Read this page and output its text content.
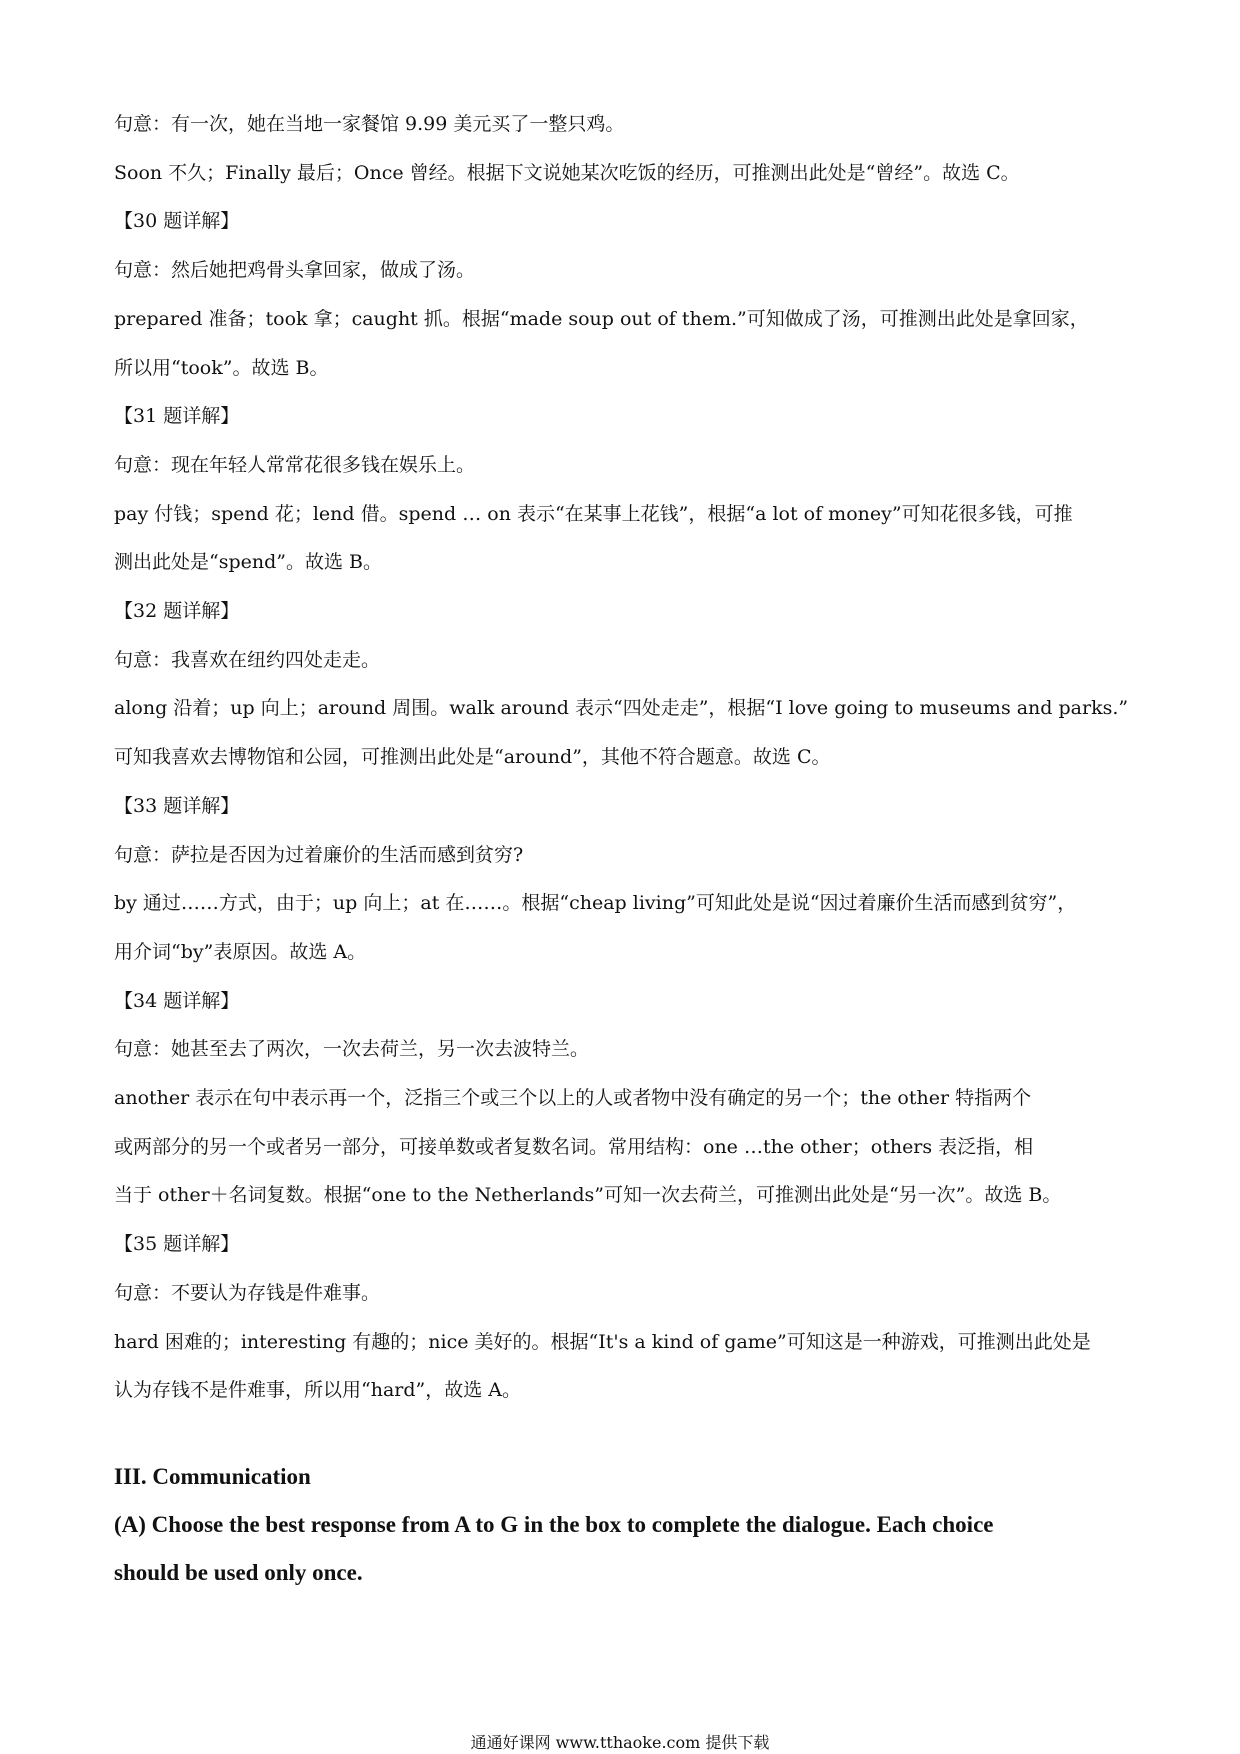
句意：有一次，她在当地一家餐馆 9.99 美元买了一整只鸡。

Soon 不久；Finally 最后；Once 曾经。根据下文说她某次吃饭的经历，可推测出此处是“曾经”。故选 C。

【30 题详解】

句意：然后她把鸡骨头拿回家，做成了汤。

prepared 准备；took 拿；caught 抓。根据“made soup out of them.”可知做成了汤，可推测出此处是拿回家，

所以用“took”。故选 B。

【31 题详解】

句意：现在年轻人常常花很多钱在娱乐上。

pay 付钱；spend 花；lend 借。spend … on 表示“在某事上花钱”，根据“a lot of money”可知花很多钱，可推

测出此处是“spend”。故选 B。

【32 题详解】

句意：我喜欢在纽约四处走走。

along 沿着；up 向上；around 周围。walk around 表示“四处走走”，根据“I love going to museums and parks.”

可知我喜欢去博物馆和公园，可推测出此处是“around”，其他不符合题意。故选 C。

【33 题详解】

句意：萨拉是否因为过着廉价的生活而感到贫穷?

by 通过……方式，由于；up 向上；at 在……。根据“cheap living”可知此处是说“因过着廉价生活而感到贫穷”，

用介词“by”表原因。故选 A。

【34 题详解】

句意：她甚至去了两次，一次去荷兰，另一次去波特兰。

another 表示在句中表示再一个，泛指三个或三个以上的人或者物中没有确定的另一个；the other 特指两个

或两部分的另一个或者另一部分，可接单数或者复数名词。常用结构：one …the other；others 表泛指，相

当于 other＋名词复数。根据“one to the Netherlands”可知一次去荷兰，可推测出此处是“另一次”。故选 B。

【35 题详解】

句意：不要认为存钱是件难事。

hard 困难的；interesting 有趣的；nice 美好的。根据“It's a kind of game”可知这是一种游戏，可推测出此处是

认为存钱不是件难事，所以用“hard”，故选 A。

III. Communication

(A) Choose the best response from A to G in the box to complete the dialogue. Each choice

should be used only once.

通通好课网 www.tthaoke.com 提供下载
